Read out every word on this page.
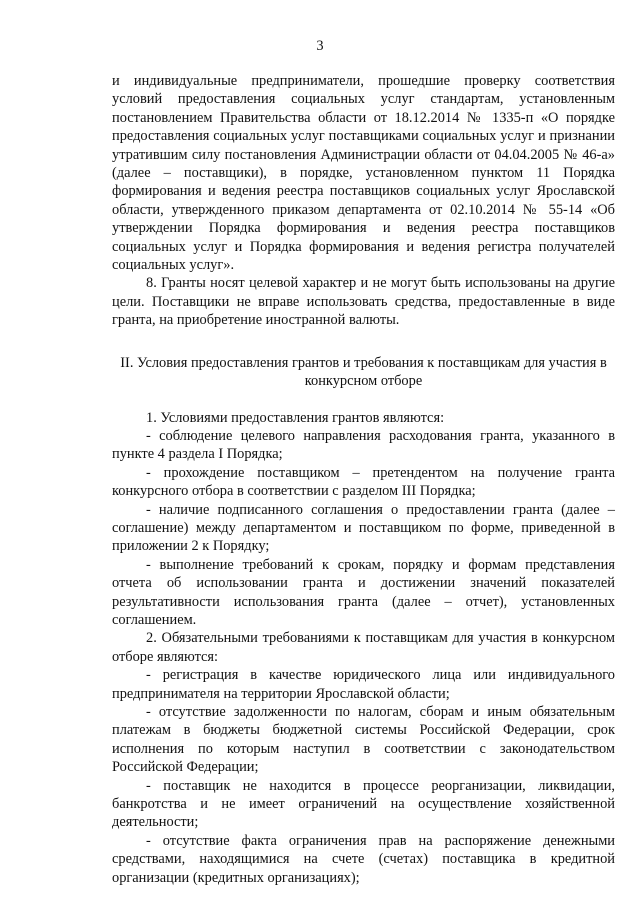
3

и индивидуальные предприниматели, прошедшие проверку соответствия условий предоставления социальных услуг стандартам, установленным постановлением Правительства области от 18.12.2014 № 1335-п «О порядке предоставления социальных услуг поставщиками социальных услуг и признании утратившим силу постановления Администрации области от 04.04.2005 № 46-а» (далее – поставщики), в порядке, установленном пунктом 11 Порядка формирования и ведения реестра поставщиков социальных услуг Ярославской области, утвержденного приказом департамента от 02.10.2014 № 55-14 «Об утверждении Порядка формирования и ведения реестра поставщиков социальных услуг и Порядка формирования и ведения регистра получателей социальных услуг».

8. Гранты носят целевой характер и не могут быть использованы на другие цели. Поставщики не вправе использовать средства, предоставленные в виде гранта, на приобретение иностранной валюты.

II. Условия предоставления грантов и требования к поставщикам для участия в конкурсном отборе

1. Условиями предоставления грантов являются:

- соблюдение целевого направления расходования гранта, указанного в пункте 4 раздела I Порядка;

- прохождение поставщиком – претендентом на получение гранта конкурсного отбора в соответствии с разделом III Порядка;

- наличие подписанного соглашения о предоставлении гранта (далее – соглашение) между департаментом и поставщиком по форме, приведенной в приложении 2 к Порядку;

- выполнение требований к срокам, порядку и формам представления отчета об использовании гранта и достижении значений показателей результативности использования гранта (далее – отчет), установленных соглашением.

2. Обязательными требованиями к поставщикам для участия в конкурсном отборе являются:

- регистрация в качестве юридического лица или индивидуального предпринимателя на территории Ярославской области;

- отсутствие задолженности по налогам, сборам и иным обязательным платежам в бюджеты бюджетной системы Российской Федерации, срок исполнения по которым наступил в соответствии с законодательством Российской Федерации;

- поставщик не находится в процессе реорганизации, ликвидации, банкротства и не имеет ограничений на осуществление хозяйственной деятельности;

- отсутствие факта ограничения прав на распоряжение денежными средствами, находящимися на счете (счетах) поставщика в кредитной организации (кредитных организациях);
